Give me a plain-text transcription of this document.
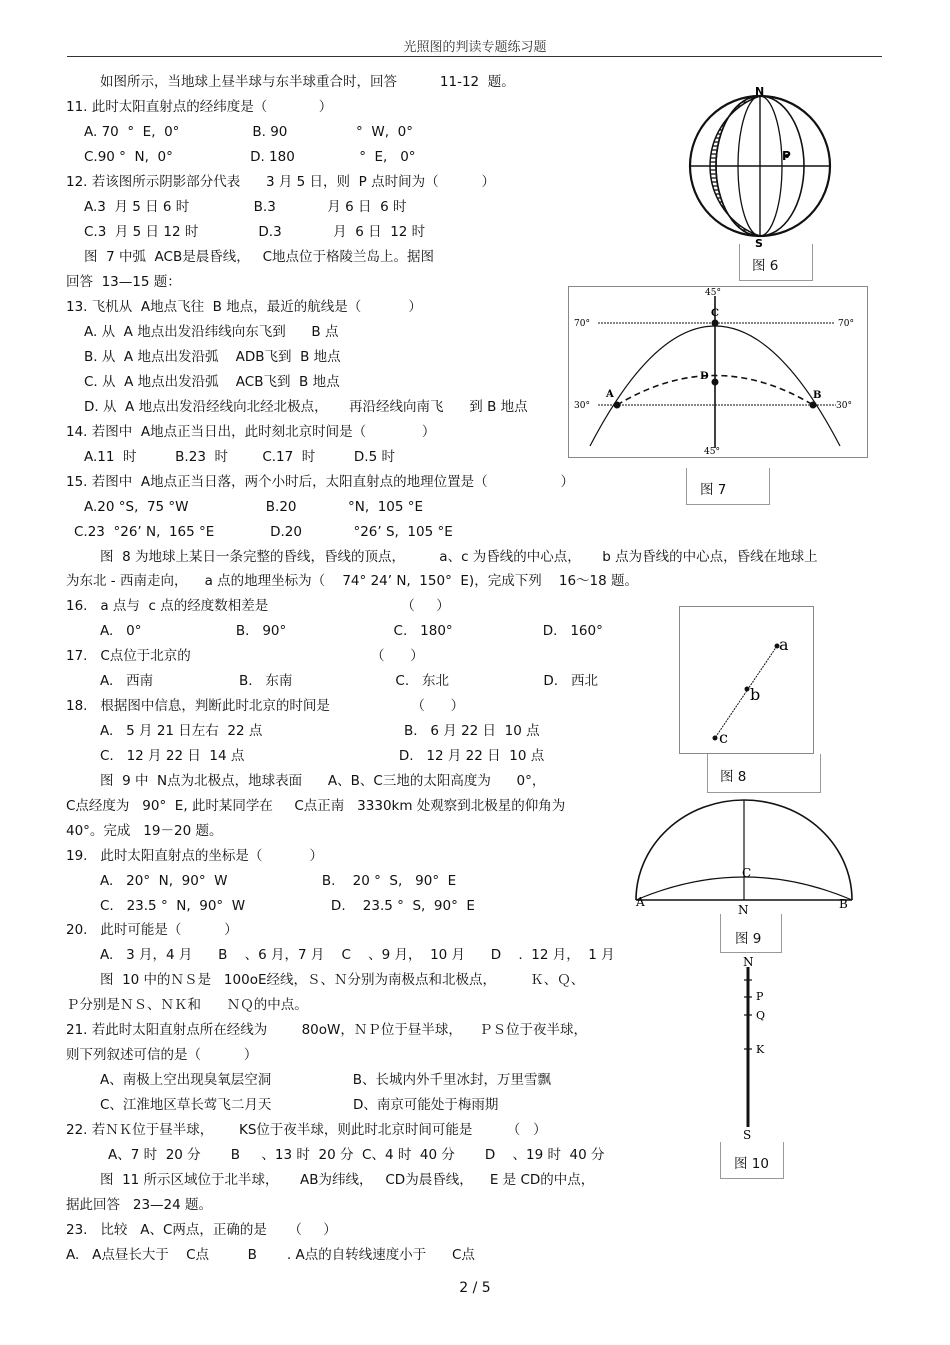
光照图的判读专题练习题
如图所示，当地球上昼半球与东半球重合时，回答          11-12  题。
11. 此时太阳直射点的经纬度是（            ）
A. 70  °  E,  0°                 B. 90                °  W,  0°
C.90 °  N,  0°                  D. 180               °  E,   0°
12. 若该图所示阴影部分代表      3 月 5 日，则  P 点时间为（          ）
A.3  月 5 日 6 时               B.3            月 6 日  6 时
C.3  月 5 日 12 时              D.3            月  6 日  12 时
图  7 中弧  ACB是晨昏线，   C地点位于格陵兰岛上。据图
回答  13—15 题：
13. 飞机从  A地点飞往  B 地点，最近的航线是（           ）
A. 从  A 地点出发沿纬线向东飞到      B 点
B. 从  A 地点出发沿弧    ADB飞到  B 地点
C. 从  A 地点出发沿弧    ACB飞到  B 地点
D. 从  A 地点出发沿经线向北经北极点，     再沿经线向南飞      到 B 地点
14. 若图中  A地点正当日出，此时刻北京时间是（             ）
A.11  时         B.23  时        C.17  时         D.5 时
15. 若图中  A地点正当日落，两个小时后，太阳直射点的地理位置是（                 ）
A.20 °S,  75 °W                  B.20            °N,  105 °E
C.23  °26’ N,  165 °E             D.20            °26’ S,  105 °E
图  8 为地球上某日一条完整的昏线，昏线的顶点，        a、c 为昏线的中心点，     b 点为昏线的中心点，昏线在地球上
为东北 - 西南走向，    a 点的地理坐标为（    74° 24’ N,  150°  E)，完成下列    16～18 题。
16.   a 点与  c 点的经度数相差是                               （     ）
A.   0°                      B.   90°                         C.   180°                     D.   160°
17.   C点位于北京的                                          （      ）
A.   西南                    B.   东南                        C.   东北                      D.   西北
18.   根据图中信息，判断此时北京的时间是                   （      ）
A.   5 月 21 日左右  22 点                                 B.   6 月 22 日  10 点
C.   12 月 22 日  14 点                                    D.   12 月 22 日  10 点
图  9 中  N点为北极点，地球表面      A、B、C三地的太阳高度为      0°，
C点经度为   90°  E, 此时某同学在     C点正南   3330km 处观察到北极星的仰角为
40°。完成   19－20 题。
19.   此时太阳直射点的坐标是（           ）
A.   20°  N,  90°  W                      B.    20 °  S,   90°  E
C.   23.5 °  N,  90°  W                    D.    23.5 °  S,  90°  E
20.   此时可能是（          ）
A.   3 月，4 月      B    、6 月，7 月    C    、9 月，  10 月      D    .  12 月，  1 月
图  10 中的ＮＳ是   100oE经线，Ｓ、Ｎ分别为南极点和北极点，        Ｋ、Ｑ、
Ｐ分别是ＮＳ、ＮＫ和      ＮＱ的中点。
21. 若此时太阳直射点所在经线为        80oW，ＮＰ位于昼半球，    ＰＳ位于夜半球，
则下列叙述可信的是（          ）
A、南极上空出现臭氧层空洞                   B、长城内外千里冰封，万里雪飘
C、江淮地区草长莺飞二月天                   D、南京可能处于梅雨期
22. 若ＮＫ位于昼半球，      KS位于夜半球，则此时北京时间可能是        （   ）
A、7 时  20 分       B     、13 时  20 分  C、4 时  40 分       D    、19 时  40 分
图  11 所示区域位于北半球，     AB为纬线，   CD为晨昏线，    E 是 CD的中点，
据此回答   23—24 题。
23.   比较   A、C两点，正确的是     （     ）
A.   A点昼长大于    C点         B       . A点的自转线速度小于      C点
N
S
P
图 6
45°
45°
70°	70°
30°	30°
C
D
A	B
图 7
a
b
c
图 8
A	B
C
N
图 9
N
P
Q
K
S
图 10
2 / 5
